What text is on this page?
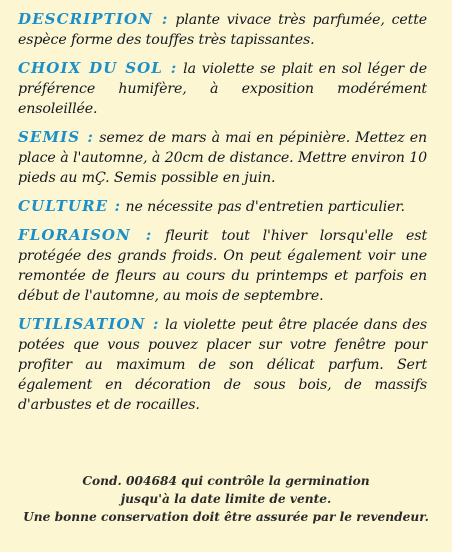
DESCRIPTION : plante vivace très parfumée, cette espèce forme des touffes très tapissantes.

CHOIX DU SOL : la violette se plait en sol léger de préférence humifère, à exposition modérément ensoleillée.

SEMIS : semez de mars à mai en pépinière. Mettez en place à l'automne, à 20cm de distance. Mettre environ 10 pieds au mÇ. Semis possible en juin.

CULTURE : ne nécessite pas d'entretien particulier.

FLORAISON : fleurit tout l'hiver lorsqu'elle est protégée des grands froids. On peut également voir une remontée de fleurs au cours du printemps et parfois en début de l'automne, au mois de septembre.

UTILISATION : la violette peut être placée dans des potées que vous pouvez placer sur votre fenêtre pour profiter au maximum de son délicat parfum. Sert également en décoration de sous bois, de massifs d'arbustes et de rocailles.

Cond. 004684 qui contrôle la germination
jusqu'à la date limite de vente.
Une bonne conservation doit être assurée par le revendeur.
